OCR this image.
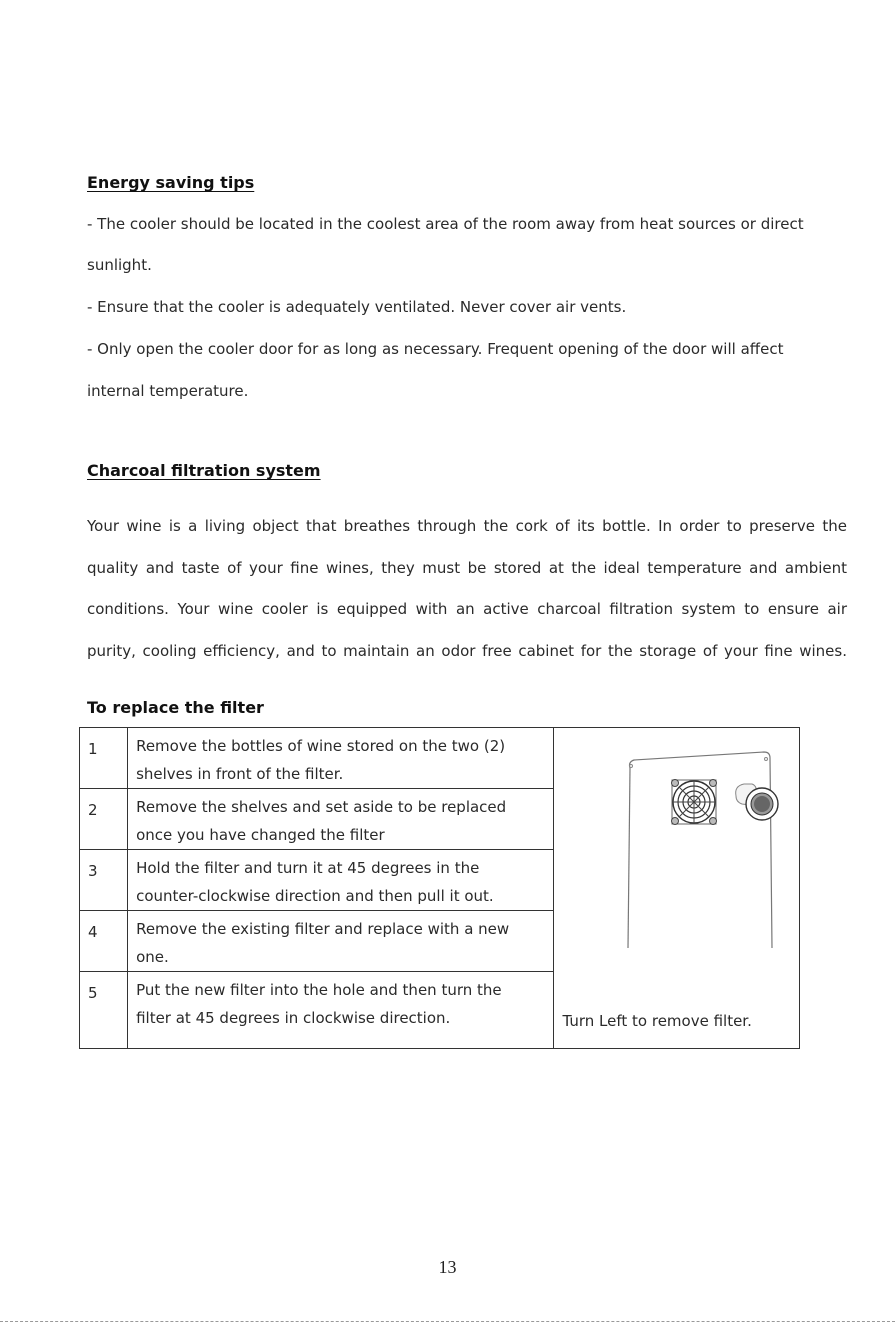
Energy saving tips
- The cooler should be located in the coolest area of the room away from heat sources or direct
sunlight.
- Ensure that the cooler is adequately ventilated. Never cover air vents.
- Only open the cooler door for as long as necessary. Frequent opening of the door will affect
internal temperature.
Charcoal filtration system
Your wine is a living object that breathes through the cork of its bottle. In order to preserve the
quality and taste of your fine wines, they must be stored at the ideal temperature and ambient
conditions. Your wine cooler is equipped with an active charcoal filtration system to ensure air
purity, cooling efficiency, and to maintain an odor free cabinet for the storage of your fine wines.
To replace the filter
1	Remove the bottles of wine stored on the two (2)
shelves in front of the filter.	Turn Left to remove filter.

2	Remove the shelves and set aside to be replaced
once you have changed the filter	

3	Hold the filter and turn it at 45 degrees in the
counter-clockwise direction and then pull it out.	

4	Remove the existing filter and replace with a new
one.	

5	Put the new filter into the hole and then turn the
filter at 45 degrees in clockwise direction.	
13
